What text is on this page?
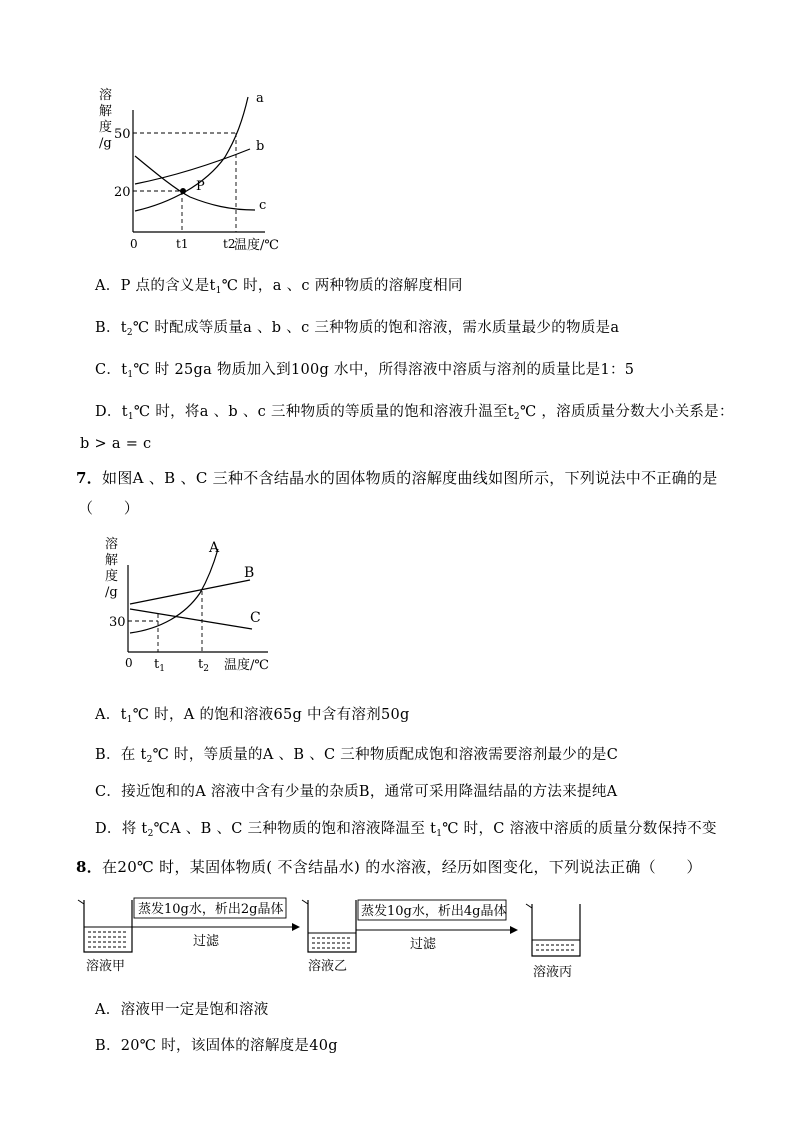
溶
解
度
/g
50
20
0	t1	t2
温度/℃
a
b
c
P
A．P 点的含义是$t_1℃$ 时，a 、c 两种物质的溶解度相同
B．$t_2℃$ 时配成等质量a 、b 、c 三种物质的饱和溶液，需水质量最少的物质是a
C．$t_1℃$ 时 25ga 物质加入到100g 水中，所得溶液中溶质与溶剂的质量比是1：5
D．$t_1℃$ 时，将a 、b 、c 三种物质的等质量的饱和溶液升温至$t_2℃$ ，溶质质量分数大小关系是：
b > a = c
7．如图A 、B 、C 三种不含结晶水的固体物质的溶解度曲线如图所示，下列说法中不正确的是
（　　）
溶
解
度
/g
30
0 $t_1$	$t_2$ 温度/℃
A
B
C
A．$t_1℃$ 时，A 的饱和溶液65g 中含有溶剂50g
B．在 $t_2℃$ 时，等质量的A 、B 、C 三种物质配成饱和溶液需要溶剂最少的是C
C．接近饱和的A 溶液中含有少量的杂质B，通常可采用降温结晶的方法来提纯A
D．将 $t_2℃A$ 、B 、C 三种物质的饱和溶液降温至 $t_1℃$ 时，C 溶液中溶质的质量分数保持不变
8．在20℃ 时，某固体物质( 不含结晶水) 的水溶液，经历如图变化，下列说法正确（　　）
溶液甲
蒸发10g水，析出2g晶体
过滤
溶液乙
蒸发10g水，析出4g晶体
过滤
溶液丙
A．溶液甲一定是饱和溶液
B．20℃ 时，该固体的溶解度是40g
